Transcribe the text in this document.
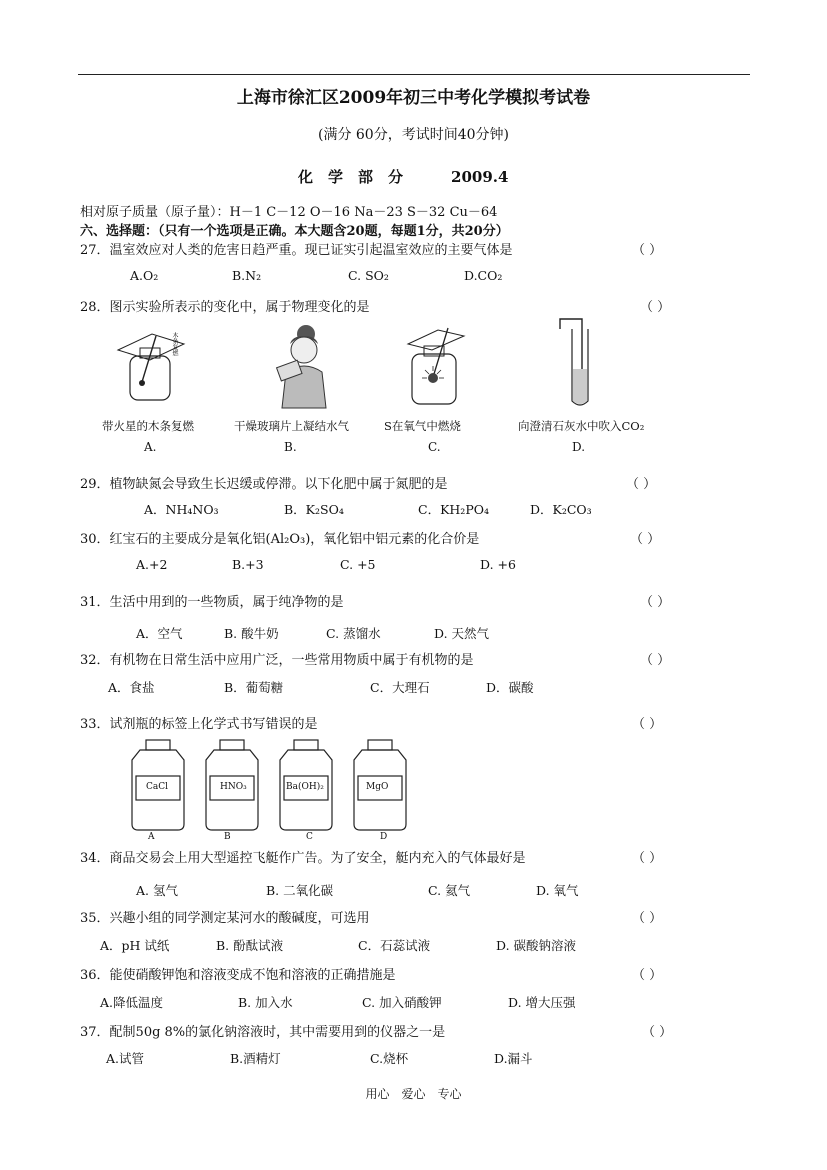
上海市徐汇区2009年初三中考化学模拟考试卷
(满分 60分，考试时间40分钟)
化　学　部　分	2009.4
相对原子质量（原子量）：H－1 C－12 O－16 Na－23 S－32 Cu－64
六、选择题：（只有一个选项是正确。本大题含20题，每题1分，共20分）
27．温室效应对人类的危害日趋严重。现已证实引起温室效应的主要气体是	（ ）
A.O₂	B.N₂	C. SO₂	D.CO₂
28．图示实验所表示的变化中，属于物理变化的是	（ ）
木条复燃
带火星的木条复燃	干燥玻璃片上凝结水气	S在氧气中燃烧	向澄清石灰水中吹入CO₂
A.	B.	C.	D.
29．植物缺氮会导致生长迟缓或停滞。以下化肥中属于氮肥的是	（ ）
A．NH₄NO₃	B．K₂SO₄	C．KH₂PO₄	D．K₂CO₃
30．红宝石的主要成分是氧化铝(Al₂O₃)，氧化铝中铝元素的化合价是	（ ）
A.+2	B.+3	C. +5	D. +6
31．生活中用到的一些物质，属于纯净物的是	（ ）
A．空气	B. 酸牛奶	C. 蒸馏水	D. 天然气
32．有机物在日常生活中应用广泛，一些常用物质中属于有机物的是	（ ）
A．食盐	B．葡萄糖	C．大理石	D．碳酸
33．试剂瓶的标签上化学式书写错误的是	（ ）
CaCl	HNO₃	Ba(OH)₂	MgO
A	B	C	D
34．商品交易会上用大型遥控飞艇作广告。为了安全，艇内充入的气体最好是	（ ）
A. 氢气	B. 二氧化碳	C. 氦气	D. 氧气
35．兴趣小组的同学测定某河水的酸碱度，可选用	（ ）
A．pH 试纸	B. 酚酞试液	C．石蕊试液	D. 碳酸钠溶液
36．能使硝酸钾饱和溶液变成不饱和溶液的正确措施是	（ ）
A.降低温度	B. 加入水	C. 加入硝酸钾	D. 增大压强
37．配制50g 8%的氯化钠溶液时，其中需要用到的仪器之一是	（ ）
A.试管	B.酒精灯	C.烧杯	D.漏斗
用心 爱心 专心
